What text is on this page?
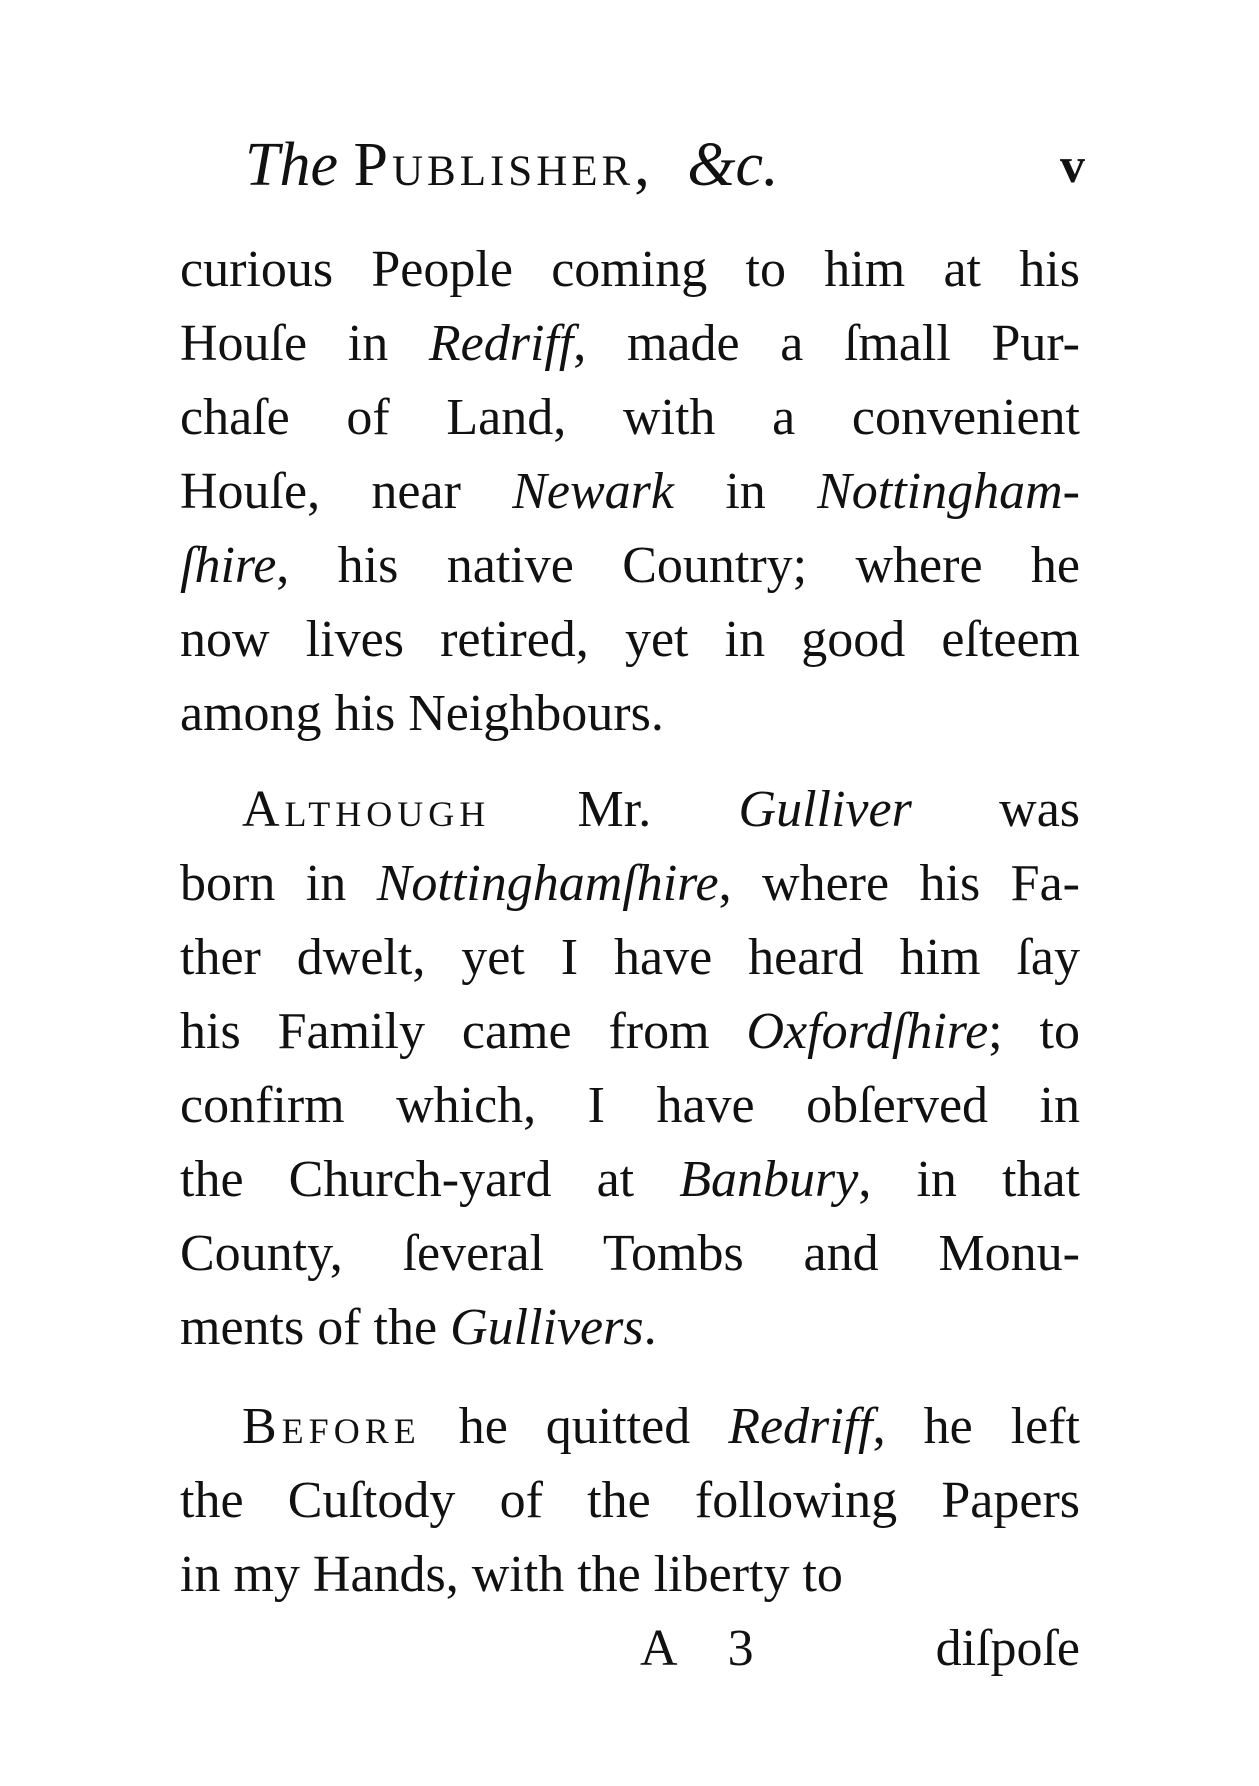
The Publisher, &c.	v
curious People coming to him at his
Houſe in Redriff, made a ſmall Pur-
chaſe of Land, with a convenient
Houſe, near Newark in Nottingham-
ſhire, his native Country; where he
now lives retired, yet in good eſteem
among his Neighbours.
Although Mr. Gulliver was
born in Nottinghamſhire, where his Fa-
ther dwelt, yet I have heard him ſay
his Family came from Oxfordſhire; to
confirm which, I have obſerved in
the Church-yard at Banbury, in that
County, ſeveral Tombs and Monu-
ments of the Gullivers.
Before he quitted Redriff, he left
the Cuſtody of the following Papers
in my Hands, with the liberty to
A 3	diſpoſe
